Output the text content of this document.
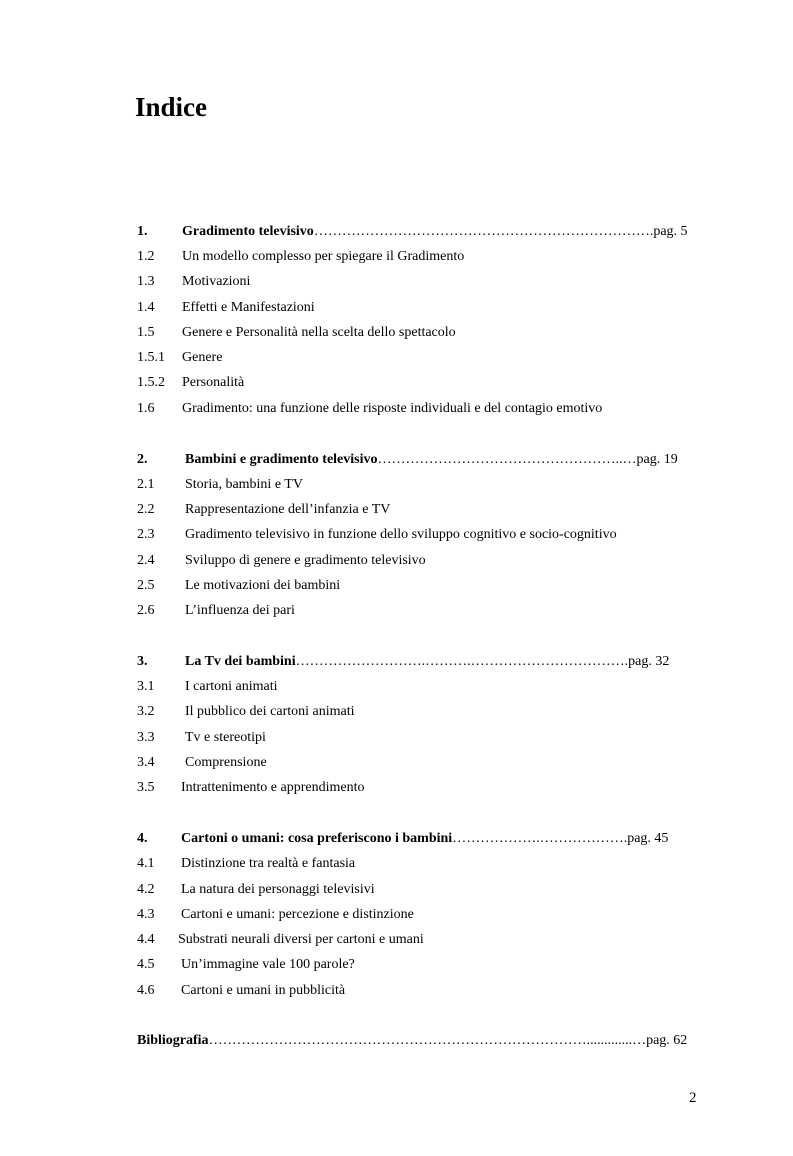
Indice
1. Gradimento televisivo……………………………………………………………….pag. 5
1.2 Un modello complesso per spiegare il Gradimento
1.3 Motivazioni
1.4 Effetti e Manifestazioni
1.5 Genere e Personalità nella scelta dello spettacolo
1.5.1 Genere
1.5.2 Personalità
1.6 Gradimento: una funzione delle risposte individuali e del contagio emotivo
2.	Bambini e gradimento televisivo……………………………………………..…pag. 19
2.1 Storia, bambini e TV
2.2 Rappresentazione dell’infanzia e TV
2.3 Gradimento televisivo in funzione dello sviluppo cognitivo e socio-cognitivo
2.4 Sviluppo di genere e gradimento televisivo
2.5 Le motivazioni dei bambini
2.6 L’influenza dei pari
3.	La Tv dei bambini……………………….……….…………………………….pag. 32
3.1 I cartoni animati
3.2 Il pubblico dei cartoni animati
3.3 Tv e stereotipi
3.4 Comprensione
3.5 Intrattenimento e apprendimento
4. Cartoni o umani: cosa preferiscono i bambini……………….……………….pag. 45
4.1 Distinzione tra realtà e fantasia
4.2 La natura dei personaggi televisivi
4.3 Cartoni e umani: percezione e distinzione
4.4 Substrati neurali diversi per cartoni e umani
4.5 Un’immagine vale 100 parole?
4.6 Cartoni e umani in pubblicità
Bibliografia……………………………………………………………………….............…pag. 62
2
